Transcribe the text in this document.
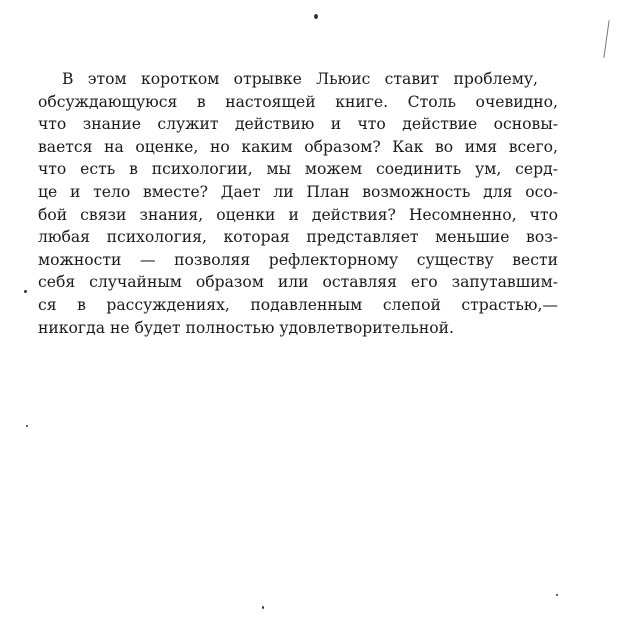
В этом коротком отрывке Льюис ставит проблему,
обсуждающуюся в настоящей книге. Столь очевидно,
что знание служит действию и что действие основы-
вается на оценке, но каким образом? Как во имя всего,
что есть в психологии, мы можем соединить ум, серд-
це и тело вместе? Дает ли План возможность для осо-
бой связи знания, оценки и действия? Несомненно, что
любая психология, которая представляет меньшие воз-
можности — позволяя рефлекторному существу вести
себя случайным образом или оставляя его запутавшим-
ся в рассуждениях, подавленным слепой страстью,—
никогда не будет полностью удовлетворительной.
